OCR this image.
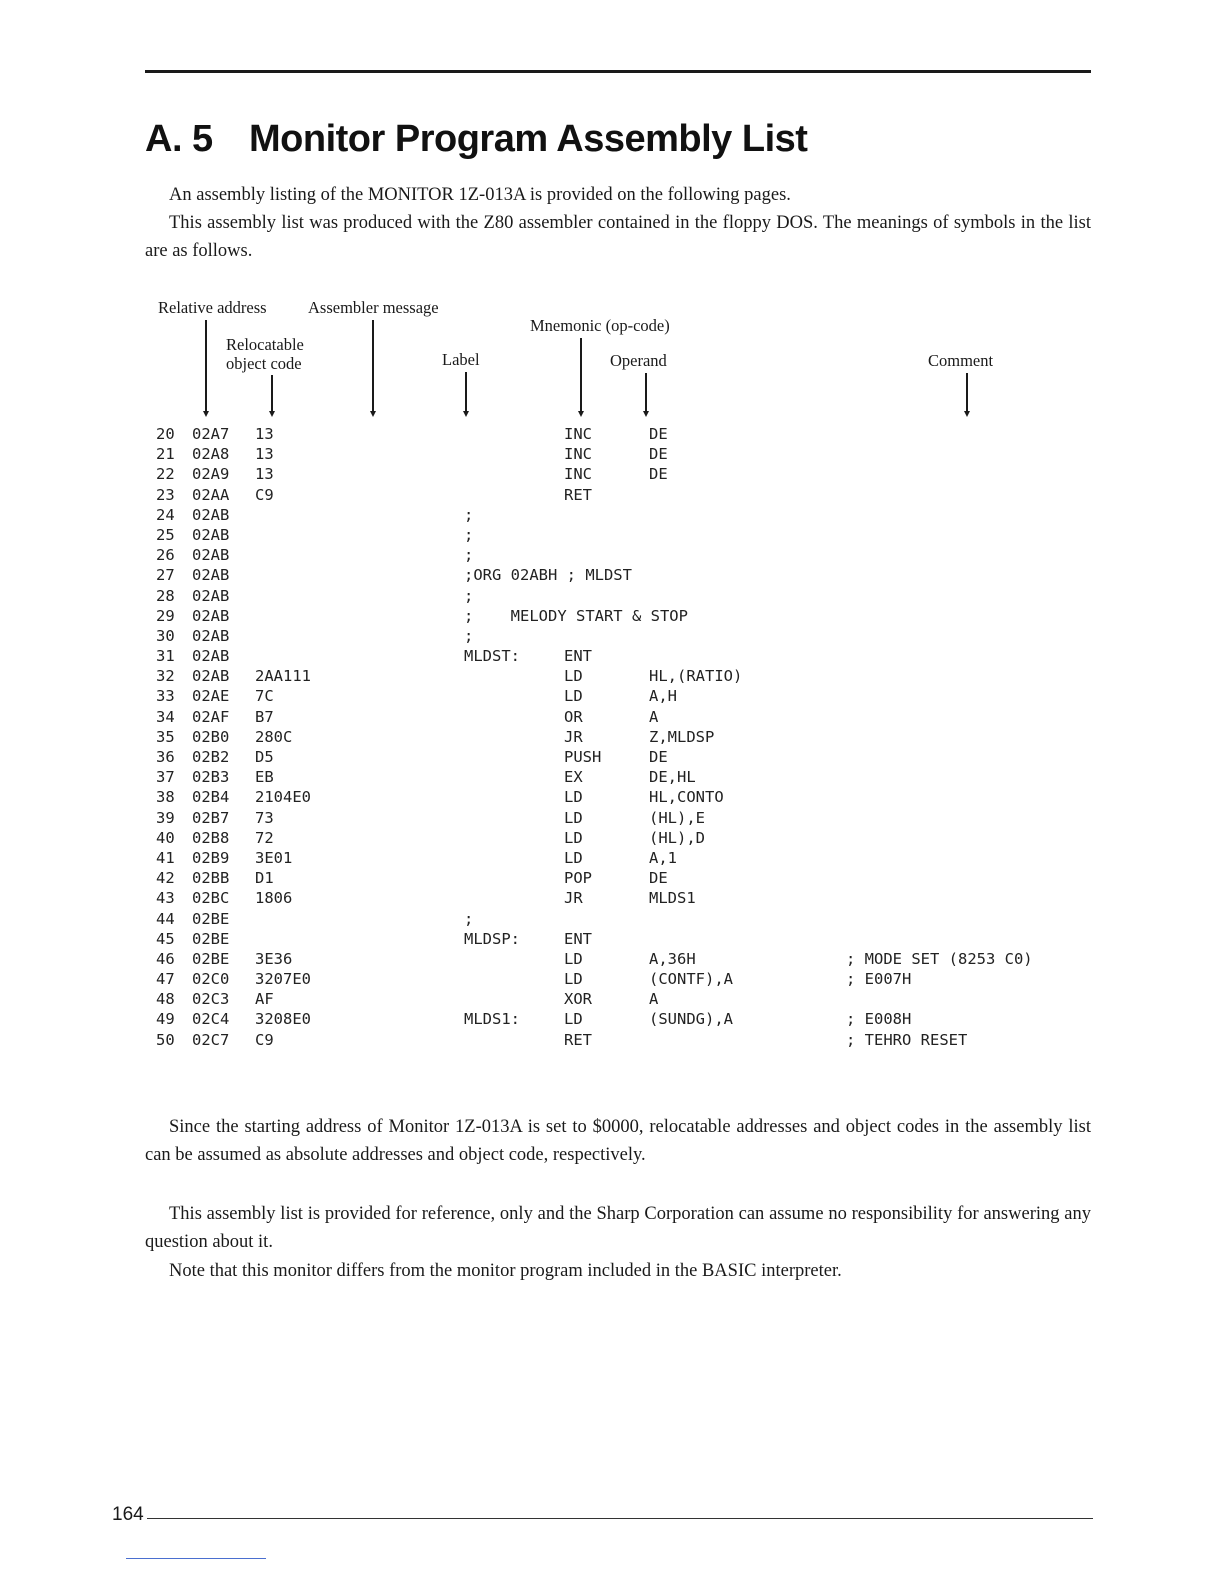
A. 5 Monitor Program Assembly List

An assembly listing of the MONITOR 1Z-013A is provided on the following pages.

This assembly list was produced with the Z80 assembler contained in the floppy DOS. The meanings of symbols in the list are as follows.

Relative address	Assembler message
Mnemonic (op-code)
Relocatable
object code	Label	Operand	Comment
20 02A7 13	INC	DE
21 02A8 13	INC	DE
22 02A9 13	INC	DE
23 02AA C9	RET
24 02AB	;
25 02AB	;
26 02AB	;
27 02AB	;ORG 02ABH ; MLDST
28 02AB	;
29 02AB	;    MELODY START & STOP
30 02AB	;
31 02AB	MLDST:	ENT
32 02AB 2AA111	LD	HL,(RATIO)
33 02AE 7C	LD	A,H
34 02AF B7	OR	A
35 02B0 280C	JR	Z,MLDSP
36 02B2 D5	PUSH	DE
37 02B3 EB	EX	DE,HL
38 02B4 2104E0	LD	HL,CONTO
39 02B7 73	LD	(HL),E
40 02B8 72	LD	(HL),D
41 02B9 3E01	LD	A,1
42 02BB D1	POP	DE
43 02BC 1806	JR	MLDS1
44 02BE	;
45 02BE	MLDSP:	ENT
46 02BE 3E36	LD	A,36H	; MODE SET (8253 C0)
47 02C0 3207E0	LD	(CONTF),A	; E007H
48 02C3 AF	XOR	A
49 02C4 3208E0	MLDS1:	LD	(SUNDG),A	; E008H
50 02C7 C9	RET	; TEHRO RESET

Since the starting address of Monitor 1Z-013A is set to $0000, relocatable addresses and object codes in the assembly list can be assumed as absolute addresses and object code, respectively.

This assembly list is provided for reference, only and the Sharp Corporation can assume no responsibility for answering any question about it.

Note that this monitor differs from the monitor program included in the BASIC interpreter.

164
